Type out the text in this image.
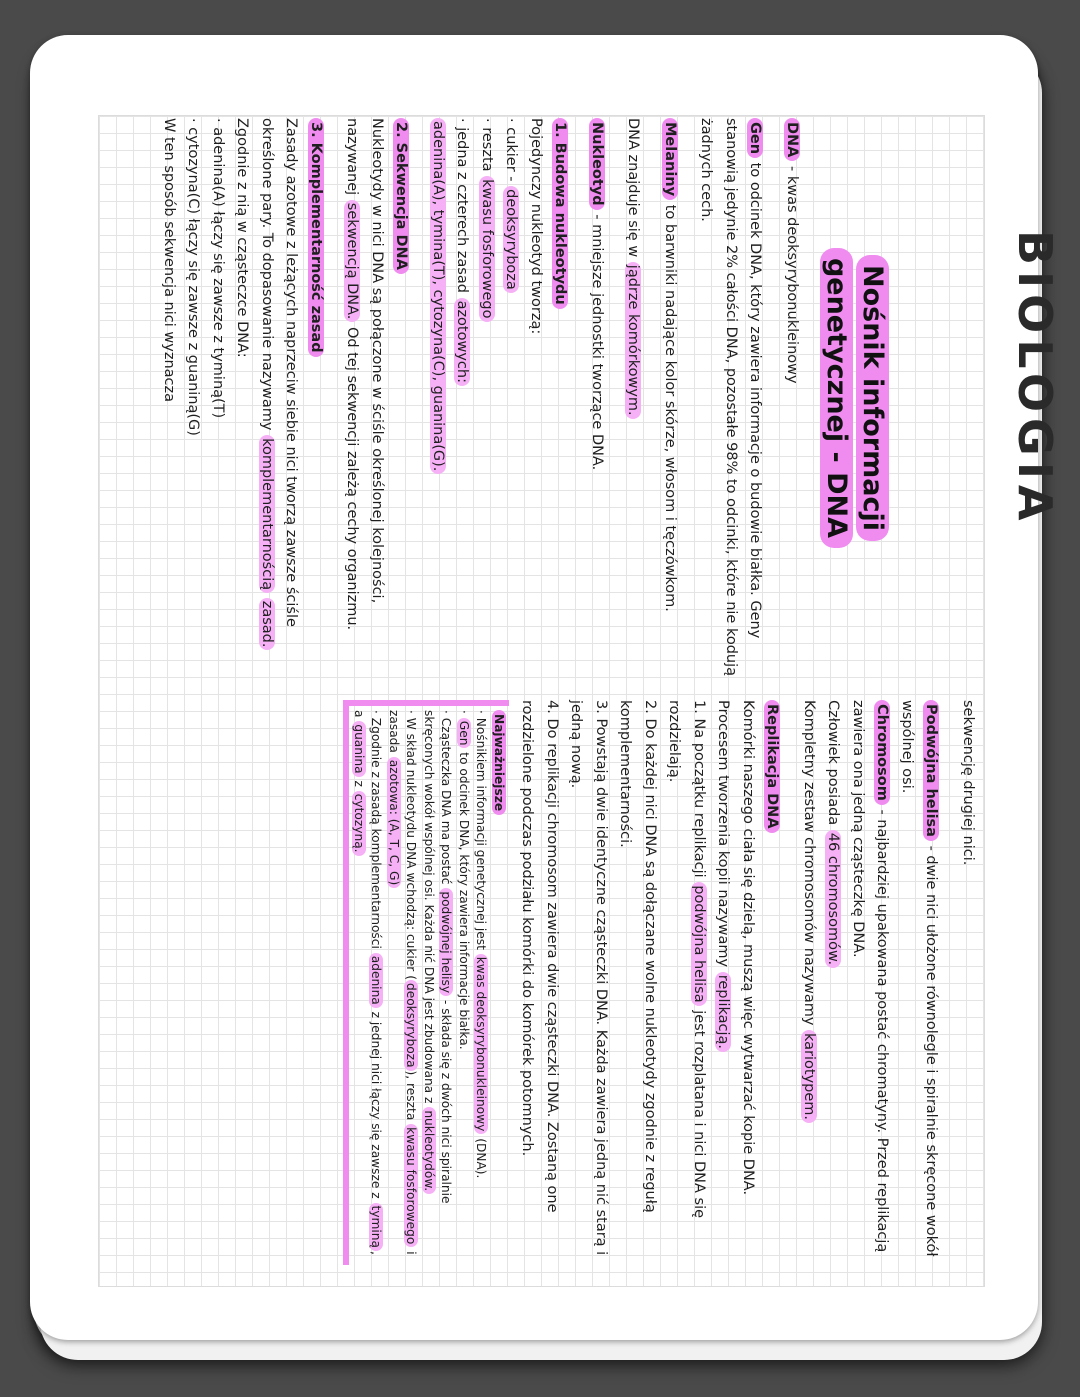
BIOLOGIA
Nośnik informacji
genetycznej - DNA

DNA - kwas deoksyrybonukleinowy

Gen to odcinek DNA, który zawiera informacje o budowie białka. Geny stanowią jedynie 2% całości DNA, pozostałe 98% to odcinki, które nie kodują żadnych cech.

Melaniny to barwniki nadające kolor skórze, włosom i tęczówkom.

DNA znajduje się w jądrze komórkowym.

Nukleotyd - mniejsze jednostki tworzące DNA.

1. Budowa nukleotydu

Pojedynczy nukleotyd tworzą:

· cukier - deoksyryboza

· reszta kwasu fosforowego

· jedna z czterech zasad azotowych:

adenina(A), tymina(T), cytozyna(C), guanina(G).

2. Sekwencja DNA

Nukleotydy w nici DNA są połączone w ściśle określonej kolejności, nazywanej sekwencją DNA. Od tej sekwencji zależą cechy organizmu.

3. Komplementarność zasad

Zasady azotowe z leżących naprzeciw siebie nici tworzą zawsze ściśle określone pary. To dopasowanie nazywamy komplementarnością zasad. Zgodnie z nią w cząsteczce DNA:

· adenina(A) łączy się zawsze z tyminą(T)

· cytozyna(C) łączy się zawsze z guaniną(G)

W ten sposób sekwencja nici wyznacza

sekwencję drugiej nici.

Podwójna helisa - dwie nici ułożone równolegle i spiralnie skręcone wokół wspólnej osi.

Chromosom - najbardziej upakowana postać chromatyny. Przed replikacją zawiera ona jedną cząsteczkę DNA.

Człowiek posiada 46 chromosomów.

Kompletny zestaw chromosomów nazywamy kariotypem.

Replikacja DNA

Komórki naszego ciała się dzielą, muszą więc wytwarzać kopie DNA. Procesem tworzenia kopii nazywamy replikacją.

1. Na początku replikacji podwójna helisa jest rozplatana i nici DNA się rozdzielają.

2. Do każdej nici DNA są dołączane wolne nukleotydy zgodnie z regułą komplementarności.

3. Powstają dwie identyczne cząsteczki DNA. Każda zawiera jedną nić starą i jedną nową.

4. Do replikacji chromosom zawiera dwie cząsteczki DNA. Zostaną one rozdzielone podczas podziału komórki do komórek potomnych.

Najważniejsze

· Nośnikiem informacji genetycznej jest kwas deoksyrybonukleinowy (DNA).

· Gen to odcinek DNA, który zawiera informacje białka.

· Cząsteczka DNA ma postać podwójnej helisy - składa się z dwóch nici spiralnie skręconych wokół wspólnej osi. Każda nić DNA jest zbudowana z nukleotydów.

· W skład nukleotydu DNA wchodzą: cukier (deoksyryboza), reszta kwasu fosforowego i zasada azotowa: (A, T, C, G)

· Zgodnie z zasadą komplementarności adenina z jednej nici łączy się zawsze z tyminą, a guanina z cytozyną.
